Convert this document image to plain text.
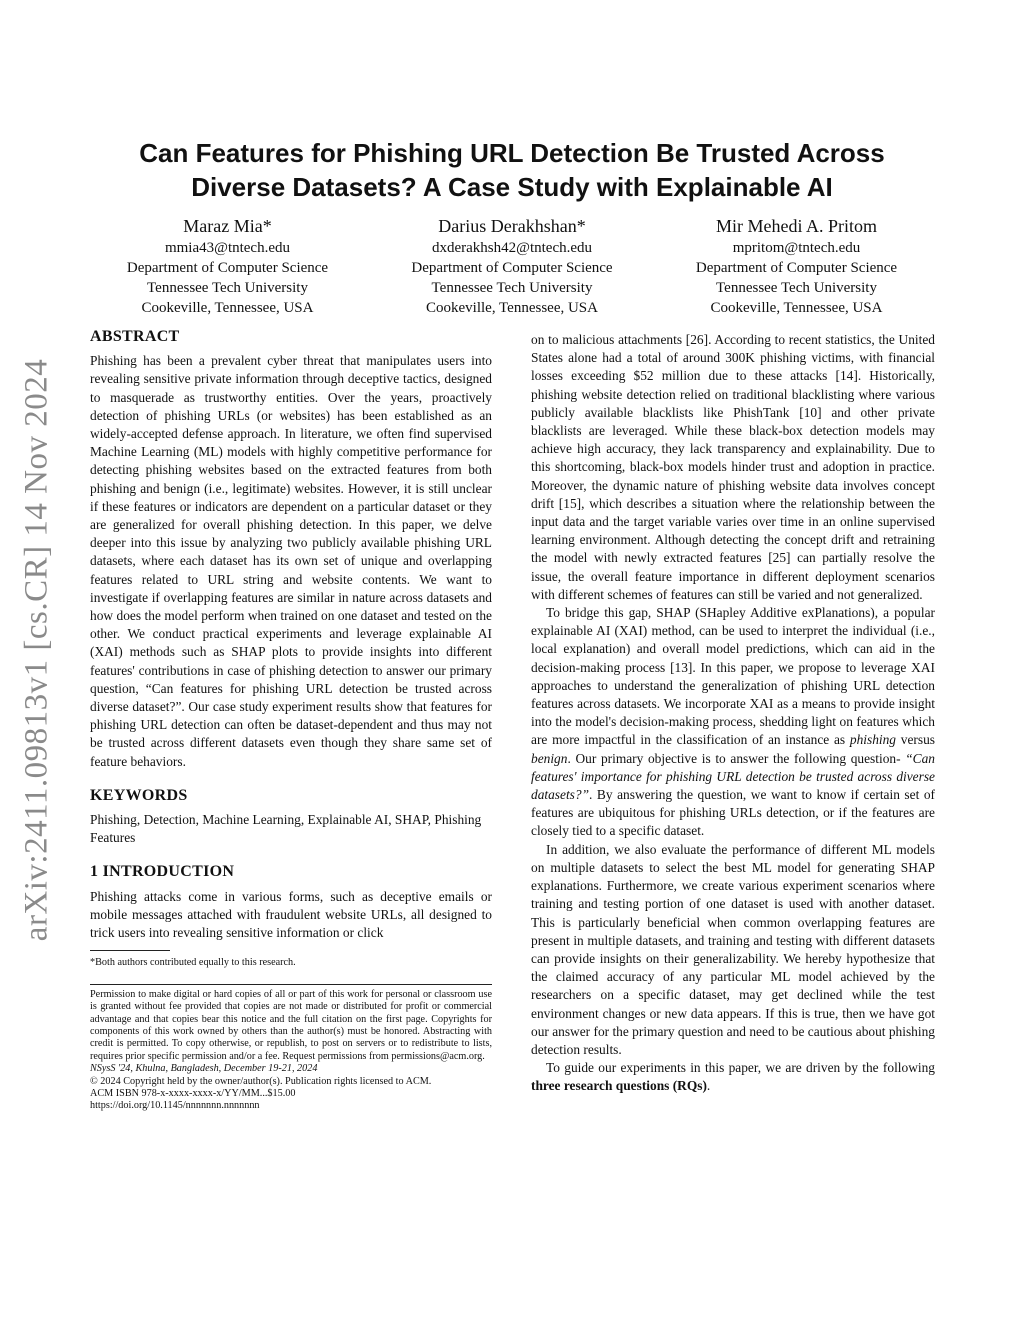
arXiv:2411.09813v1 [cs.CR] 14 Nov 2024
Can Features for Phishing URL Detection Be Trusted Across Diverse Datasets? A Case Study with Explainable AI
Maraz Mia*
mmia43@tntech.edu
Department of Computer Science
Tennessee Tech University
Cookeville, Tennessee, USA
Darius Derakhshan*
dxderakhsh42@tntech.edu
Department of Computer Science
Tennessee Tech University
Cookeville, Tennessee, USA
Mir Mehedi A. Pritom
mpritom@tntech.edu
Department of Computer Science
Tennessee Tech University
Cookeville, Tennessee, USA
ABSTRACT

Phishing has been a prevalent cyber threat that manipulates users into revealing sensitive private information through deceptive tactics, designed to masquerade as trustworthy entities. Over the years, proactively detection of phishing URLs (or websites) has been established as an widely-accepted defense approach. In literature, we often find supervised Machine Learning (ML) models with highly competitive performance for detecting phishing websites based on the extracted features from both phishing and benign (i.e., legitimate) websites. However, it is still unclear if these features or indicators are dependent on a particular dataset or they are generalized for overall phishing detection. In this paper, we delve deeper into this issue by analyzing two publicly available phishing URL datasets, where each dataset has its own set of unique and overlapping features related to URL string and website contents. We want to investigate if overlapping features are similar in nature across datasets and how does the model perform when trained on one dataset and tested on the other. We conduct practical experiments and leverage explainable AI (XAI) methods such as SHAP plots to provide insights into different features' contributions in case of phishing detection to answer our primary question, “Can features for phishing URL detection be trusted across diverse dataset?”. Our case study experiment results show that features for phishing URL detection can often be dataset-dependent and thus may not be trusted across different datasets even though they share same set of feature behaviors.

KEYWORDS

Phishing, Detection, Machine Learning, Explainable AI, SHAP, Phishing Features

1 INTRODUCTION

Phishing attacks come in various forms, such as deceptive emails or mobile messages attached with fraudulent website URLs, all designed to trick users into revealing sensitive information or click

*Both authors contributed equally to this research.

Permission to make digital or hard copies of all or part of this work for personal or classroom use is granted without fee provided that copies are not made or distributed for profit or commercial advantage and that copies bear this notice and the full citation on the first page. Copyrights for components of this work owned by others than the author(s) must be honored. Abstracting with credit is permitted. To copy otherwise, or republish, to post on servers or to redistribute to lists, requires prior specific permission and/or a fee. Request permissions from permissions@acm.org.

NSysS '24, Khulna, Bangladesh, December 19-21, 2024

© 2024 Copyright held by the owner/author(s). Publication rights licensed to ACM.

ACM ISBN 978-x-xxxx-xxxx-x/YY/MM...$15.00

https://doi.org/10.1145/nnnnnnn.nnnnnnn

on to malicious attachments [26]. According to recent statistics, the United States alone had a total of around 300K phishing victims, with financial losses exceeding $52 million due to these attacks [14]. Historically, phishing website detection relied on traditional blacklisting where various publicly available blacklists like PhishTank [10] and other private blacklists are leveraged. While these black-box detection models may achieve high accuracy, they lack transparency and explainability. Due to this shortcoming, black-box models hinder trust and adoption in practice. Moreover, the dynamic nature of phishing website data involves concept drift [15], which describes a situation where the relationship between the input data and the target variable varies over time in an online supervised learning environment. Although detecting the concept drift and retraining the model with newly extracted features [25] can partially resolve the issue, the overall feature importance in different deployment scenarios with different schemes of features can still be varied and not generalized.

To bridge this gap, SHAP (SHapley Additive exPlanations), a popular explainable AI (XAI) method, can be used to interpret the individual (i.e., local explanation) and overall model predictions, which can aid in the decision-making process [13]. In this paper, we propose to leverage XAI approaches to understand the generalization of phishing URL detection features across datasets. We incorporate XAI as a means to provide insight into the model's decision-making process, shedding light on features which are more impactful in the classification of an instance as phishing versus benign. Our primary objective is to answer the following question- “Can features' importance for phishing URL detection be trusted across diverse datasets?”. By answering the question, we want to know if certain set of features are ubiquitous for phishing URLs detection, or if the features are closely tied to a specific dataset.

In addition, we also evaluate the performance of different ML models on multiple datasets to select the best ML model for generating SHAP explanations. Furthermore, we create various experiment scenarios where training and testing portion of one dataset is used with another dataset. This is particularly beneficial when common overlapping features are present in multiple datasets, and training and testing with different datasets can provide insights on their generalizability. We hereby hypothesize that the claimed accuracy of any particular ML model achieved by the researchers on a specific dataset, may get declined while the test environment changes or new data appears. If this is true, then we have got our answer for the primary question and need to be cautious about phishing detection results.

To guide our experiments in this paper, we are driven by the following three research questions (RQs).
